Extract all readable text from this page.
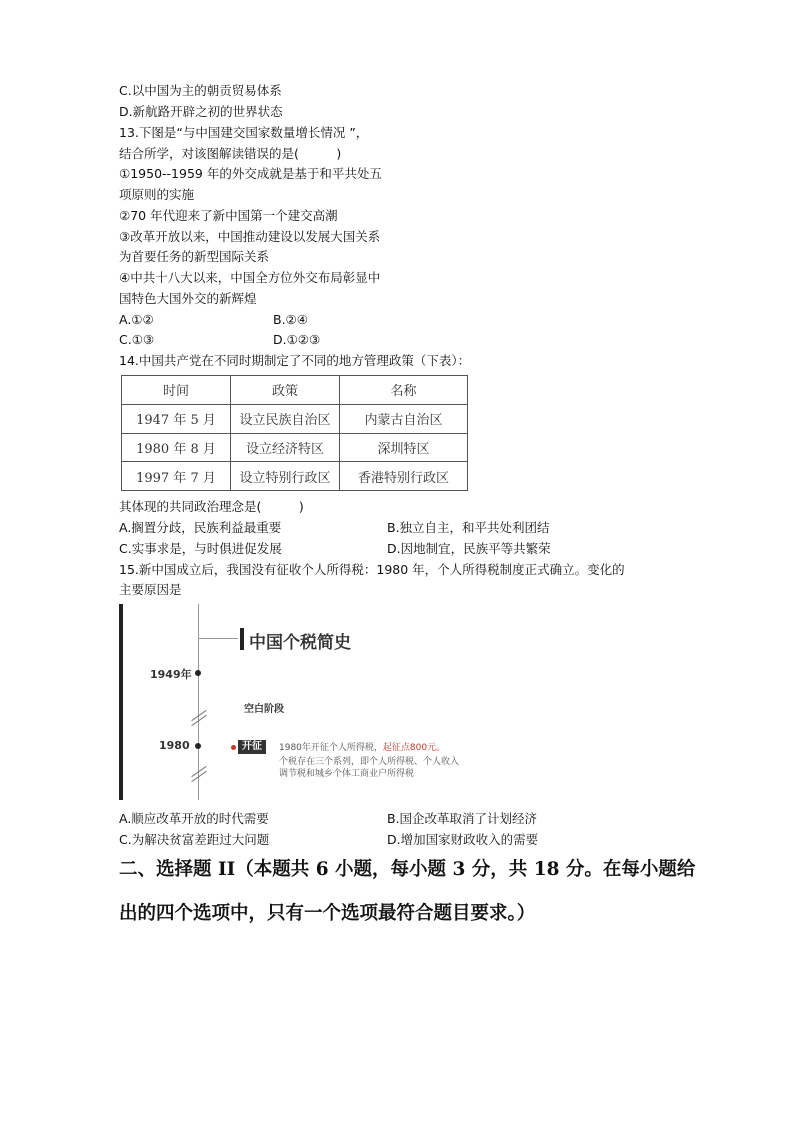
C.以中国为主的朝贡贸易体系
D.新航路开辟之初的世界状态
13.下图是“与中国建交国家数量增长情况 ”，
结合所学，对该图解读错误的是(　　　)
①1950--1959 年的外交成就是基于和平共处五
项原则的实施
②70 年代迎来了新中国第一个建交高潮
③改革开放以来，中国推动建设以发展大国关系
为首要任务的新型国际关系
④中共十八大以来，中国全方位外交布局彰显中
国特色大国外交的新辉煌
A.①②	B.②④
C.①③	D.①②③
14.中国共产党在不同时期制定了不同的地方管理政策（下表）：
时间	政策	名称
1947 年 5 月	设立民族自治区	内蒙古自治区
1980 年 8 月	设立经济特区	深圳特区
1997 年 7 月	设立特别行政区	香港特别行政区
其体现的共同政治理念是(　　　)
A.搁置分歧，民族利益最重要	B.独立自主，和平共处利团结
C.实事求是，与时俱进促发展	D.因地制宜，民族平等共繁荣
15.新中国成立后，我国没有征收个人所得税：1980 年，个人所得税制度正式确立。变化的
主要原因是
中国个税简史
1949年
空白阶段
1980	开征	1980年开征个人所得税，起征点800元。
个税存在三个系列，即个人所得税、个人收入
调节税和城乡个体工商业户所得税
A.顺应改革开放的时代需要	B.国企改革取消了计划经济
C.为解决贫富差距过大问题	D.增加国家财政收入的需要
二、选择题 II（本题共 6 小题，每小题 3 分，共 18 分。在每小题给
出的四个选项中，只有一个选项最符合题目要求。）
